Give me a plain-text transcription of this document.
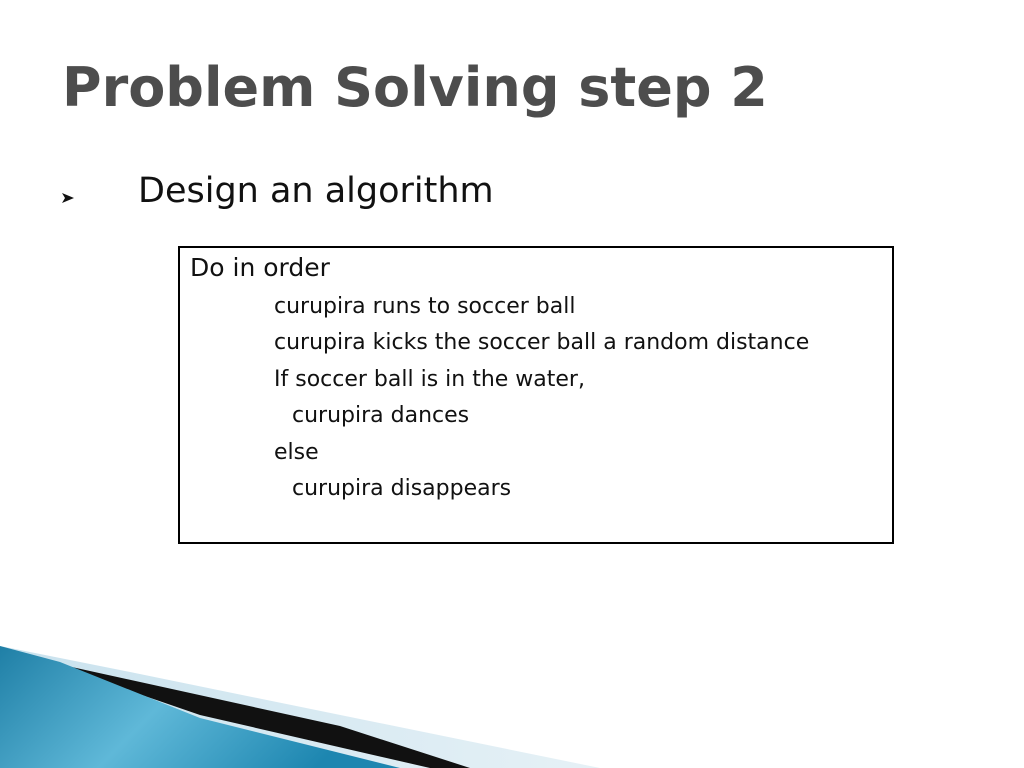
Problem Solving step 2
Design an algorithm
Do in order
curupira runs to soccer ball
curupira kicks the soccer ball a random distance
If soccer ball is in the water,
curupira dances
else
curupira disappears
